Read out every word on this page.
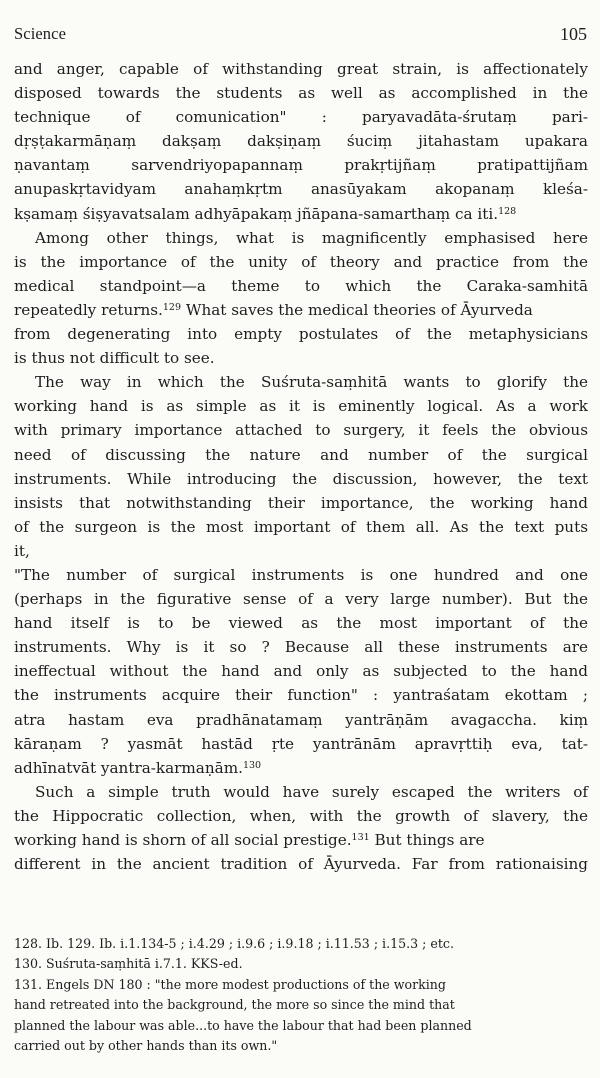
Science	105
and anger, capable of withstanding great strain, is affectionately
disposed towards the students as well as accomplished in the
technique of comunication" : paryavadāta-śrutaṃ pari-
dṛṣṭakarmāṇaṃ dakṣaṃ dakṣiṇaṃ śuciṃ jitahastam upakara
ṇavantaṃ sarvendriyopapannaṃ prakṛtijñaṃ pratipattijñam
anupaskṛtavidyam anahaṃkṛtm anasūyakam akopanaṃ kleśa-
kṣamaṃ śiṣyavatsalam adhyāpakaṃ jñāpana-samarthaṃ ca iti.$^{128}$
Among other things, what is magnificently emphasised here
is the importance of the unity of theory and practice from the
medical standpoint—a theme to which the Caraka-samhitā
repeatedly returns.$^{129}$ What saves the medical theories of Āyurveda
from degenerating into empty postulates of the metaphysicians
is thus not difficult to see.
The way in which the Suśruta-saṃhitā wants to glorify the
working hand is as simple as it is eminently logical. As a work
with primary importance attached to surgery, it feels the obvious
need of discussing the nature and number of the surgical
instruments. While introducing the discussion, however, the text
insists that notwithstanding their importance, the working hand
of the surgeon is the most important of them all. As the text puts
it,
"The number of surgical instruments is one hundred and one
(perhaps in the figurative sense of a very large number). But the
hand itself is to be viewed as the most important of the
instruments. Why is it so ? Because all these instruments are
ineffectual without the hand and only as subjected to the hand
the instruments acquire their function" : yantraśatam ekottam ;
atra hastam eva pradhānatamaṃ yantrāṇām avagaccha. kiṃ
kāraṇam ? yasmāt hastād ṛte yantrānām apravṛttiḥ eva, tat-
adhīnatvāt yantra-karmaṇām.$^{130}$
Such a simple truth would have surely escaped the writers of
the Hippocratic collection, when, with the growth of slavery, the
working hand is shorn of all social prestige.$^{131}$ But things are
different in the ancient tradition of Āyurveda. Far from rationaising
128. Ib. 129. Ib. i.1.134-5 ; i.4.29 ; i.9.6 ; i.9.18 ; i.11.53 ; i.15.3 ; etc.
130. Suśruta-saṃhitā i.7.1. KKS-ed.
131. Engels DN 180 : "the more modest productions of the working
hand retreated into the background, the more so since the mind that
planned the labour was able...to have the labour that had been planned
carried out by other hands than its own."
